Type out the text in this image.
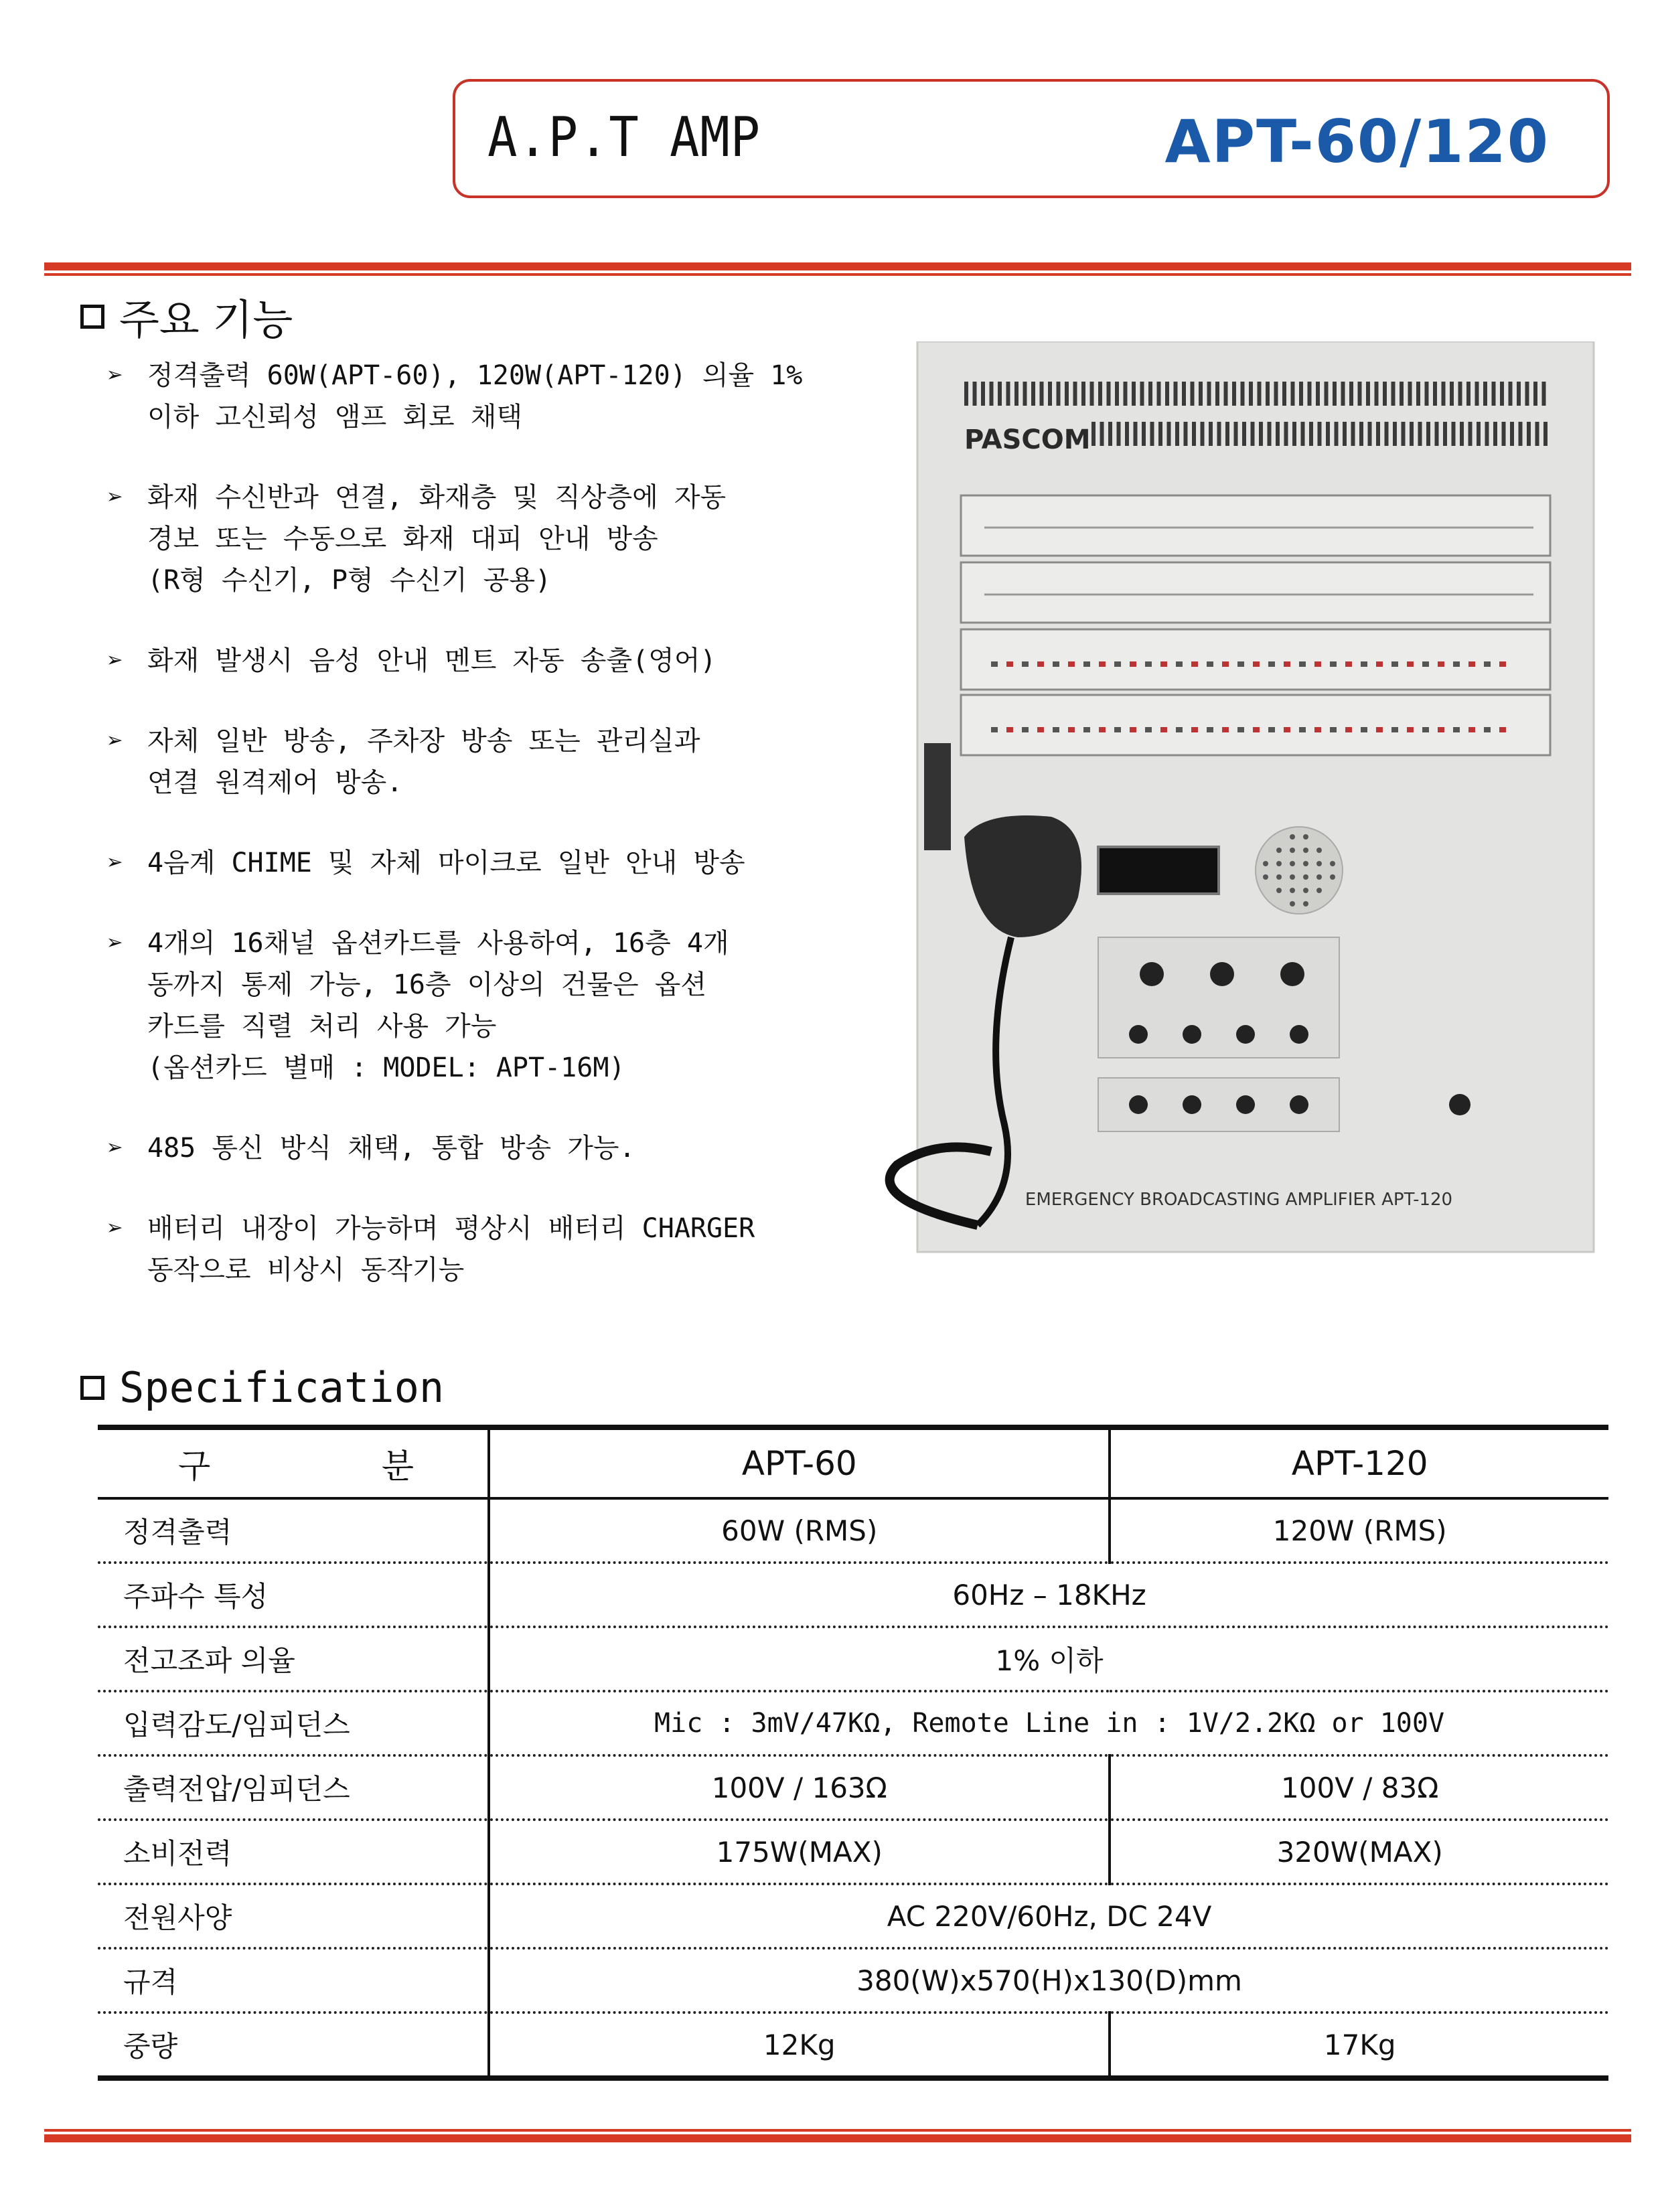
A.P.T AMP	APT-60/120
주요 기능
➢ 정격출력 60W(APT-60), 120W(APT-120) 의율 1%
이하 고신뢰성 앰프 회로 채택
➢ 화재 수신반과 연결, 화재층 및 직상층에 자동
경보 또는 수동으로 화재 대피 안내 방송
(R형 수신기, P형 수신기 공용)
➢ 화재 발생시 음성 안내 멘트 자동 송출(영어)
➢ 자체 일반 방송, 주차장 방송 또는 관리실과
연결 원격제어 방송.
➢ 4음계 CHIME 및 자체 마이크로 일반 안내 방송
➢ 4개의 16채널 옵션카드를 사용하여, 16층 4개
동까지 통제 가능, 16층 이상의 건물은 옵션
카드를 직렬 처리 사용 가능
(옵션카드 별매 : MODEL: APT-16M)
➢ 485 통신 방식 채택, 통합 방송 가능.
➢ 배터리 내장이 가능하며 평상시 배터리 CHARGER
동작으로 비상시 동작기능
PASCOM
EMERGENCY BROADCASTING AMPLIFIER APT-120
Specification
구 분	APT-60	APT-120
정격출력	60W (RMS)	120W (RMS)
주파수 특성	60Hz – 18KHz	
전고조파 의율	1% 이하	
입력감도/임피던스	Mic : 3mV/47KΩ, Remote Line in : 1V/2.2KΩ or 100V	
출력전압/임피던스	100V / 163Ω	100V / 83Ω
소비전력	175W(MAX)	320W(MAX)
전원사양	AC 220V/60Hz, DC 24V	
규격	380(W)x570(H)x130(D)mm	
중량	12Kg	17Kg
